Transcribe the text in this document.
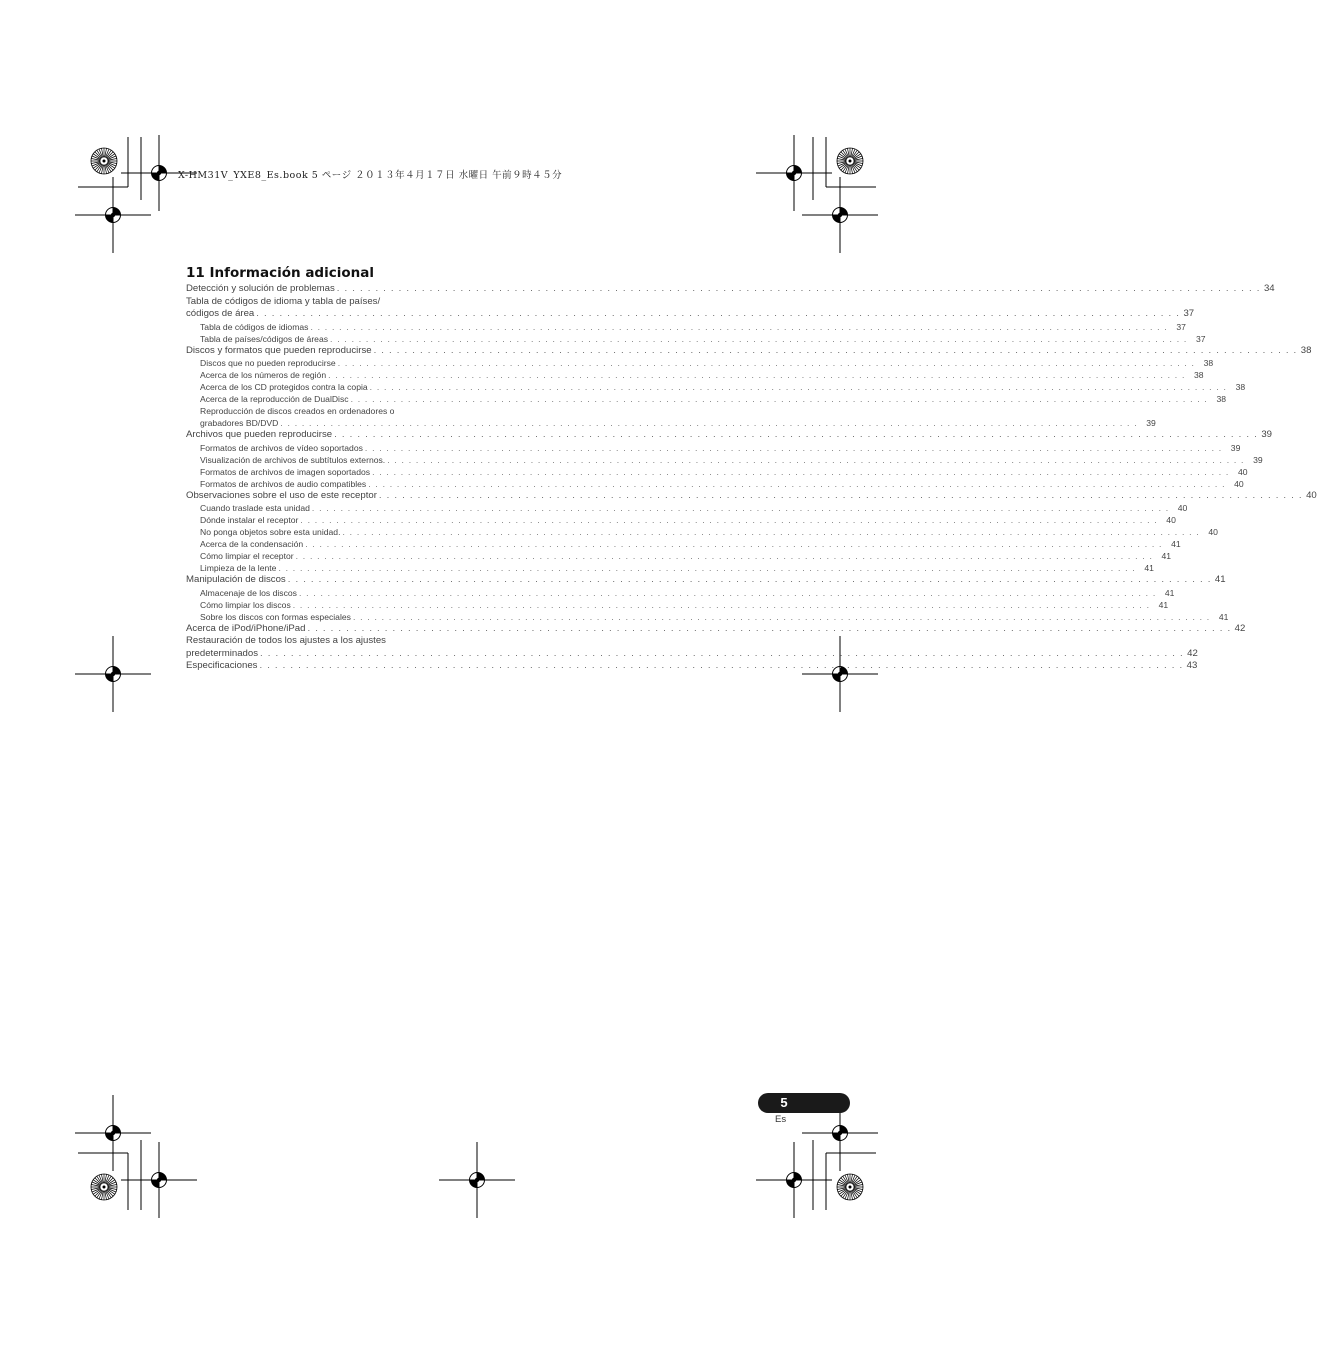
X-HM31V_YXE8_Es.book 5 ページ ２０１３年４月１７日 水曜日 午前９時４５分
11 Información adicional
Detección y solución de problemas . . . . . . . . . . . . . . . . . . . . . . . . . . . . . . . . . . . . . . . . . . . . . . . . . . . . . . . . . . . . . . . . . . . . . . . . . . . . . . . . . . . . . . . . . . . . . . . . . . . . . . . . . . . . . . . . . . . . . . . . 34
Tabla de códigos de idioma y tabla de países/
códigos de área . . . . . . . . . . . . . . . . . . . . . . . . . . . . . . . . . . . . . . . . . . . . . . . . . . . . . . . . . . . . . . . . . . . . . . . . . . . . . . . . . . . . . . . . . . . . . . . . . . . . . . . . . . . . . . . . . . . . . . . . 37
Tabla de códigos de idiomas . . . . . . . . . . . . . . . . . . . . . . . . . . . . . . . . . . . . . . . . . . . . . . . . . . . . . . . . . . . . . . . . . . . . . . . . . . . . . . . . . . . . . . . . . . . . . . . . . . . . . . . . . . . . . . . . . . . . . . . . 37
Tabla de países/códigos de áreas . . . . . . . . . . . . . . . . . . . . . . . . . . . . . . . . . . . . . . . . . . . . . . . . . . . . . . . . . . . . . . . . . . . . . . . . . . . . . . . . . . . . . . . . . . . . . . . . . . . . . . . . . . . . . . . . . . . . . . . . 37
Discos y formatos que pueden reproducirse . . . . . . . . . . . . . . . . . . . . . . . . . . . . . . . . . . . . . . . . . . . . . . . . . . . . . . . . . . . . . . . . . . . . . . . . . . . . . . . . . . . . . . . . . . . . . . . . . . . . . . . . . . . . . . . . . . . . . . . . 38
Discos que no pueden reproducirse . . . . . . . . . . . . . . . . . . . . . . . . . . . . . . . . . . . . . . . . . . . . . . . . . . . . . . . . . . . . . . . . . . . . . . . . . . . . . . . . . . . . . . . . . . . . . . . . . . . . . . . . . . . . . . . . . . . . . . . . 38
Acerca de los números de región . . . . . . . . . . . . . . . . . . . . . . . . . . . . . . . . . . . . . . . . . . . . . . . . . . . . . . . . . . . . . . . . . . . . . . . . . . . . . . . . . . . . . . . . . . . . . . . . . . . . . . . . . . . . . . . . . . . . . . . . 38
Acerca de los CD protegidos contra la copia . . . . . . . . . . . . . . . . . . . . . . . . . . . . . . . . . . . . . . . . . . . . . . . . . . . . . . . . . . . . . . . . . . . . . . . . . . . . . . . . . . . . . . . . . . . . . . . . . . . . . . . . . . . . . . . . . . . . . . . . 38
Acerca de la reproducción de DualDisc . . . . . . . . . . . . . . . . . . . . . . . . . . . . . . . . . . . . . . . . . . . . . . . . . . . . . . . . . . . . . . . . . . . . . . . . . . . . . . . . . . . . . . . . . . . . . . . . . . . . . . . . . . . . . . . . . . . . . . . . 38
Reproducción de discos creados en ordenadores o
grabadores BD/DVD . . . . . . . . . . . . . . . . . . . . . . . . . . . . . . . . . . . . . . . . . . . . . . . . . . . . . . . . . . . . . . . . . . . . . . . . . . . . . . . . . . . . . . . . . . . . . . . . . . . . . . . . . . . . . . . . . . . . . . . . 39
Archivos que pueden reproducirse . . . . . . . . . . . . . . . . . . . . . . . . . . . . . . . . . . . . . . . . . . . . . . . . . . . . . . . . . . . . . . . . . . . . . . . . . . . . . . . . . . . . . . . . . . . . . . . . . . . . . . . . . . . . . . . . . . . . . . . . 39
Formatos de archivos de vídeo soportados . . . . . . . . . . . . . . . . . . . . . . . . . . . . . . . . . . . . . . . . . . . . . . . . . . . . . . . . . . . . . . . . . . . . . . . . . . . . . . . . . . . . . . . . . . . . . . . . . . . . . . . . . . . . . . . . . . . . . . . . 39
Visualización de archivos de subtítulos externos. . . . . . . . . . . . . . . . . . . . . . . . . . . . . . . . . . . . . . . . . . . . . . . . . . . . . . . . . . . . . . . . . . . . . . . . . . . . . . . . . . . . . . . . . . . . . . . . . . . . . . . . . . . . . . . . . . . . . . . . . 39
Formatos de archivos de imagen soportados . . . . . . . . . . . . . . . . . . . . . . . . . . . . . . . . . . . . . . . . . . . . . . . . . . . . . . . . . . . . . . . . . . . . . . . . . . . . . . . . . . . . . . . . . . . . . . . . . . . . . . . . . . . . . . . . . . . . . . . . 40
Formatos de archivos de audio compatibles . . . . . . . . . . . . . . . . . . . . . . . . . . . . . . . . . . . . . . . . . . . . . . . . . . . . . . . . . . . . . . . . . . . . . . . . . . . . . . . . . . . . . . . . . . . . . . . . . . . . . . . . . . . . . . . . . . . . . . . . 40
Observaciones sobre el uso de este receptor . . . . . . . . . . . . . . . . . . . . . . . . . . . . . . . . . . . . . . . . . . . . . . . . . . . . . . . . . . . . . . . . . . . . . . . . . . . . . . . . . . . . . . . . . . . . . . . . . . . . . . . . . . . . . . . . . . . . . . . . 40
Cuando traslade esta unidad . . . . . . . . . . . . . . . . . . . . . . . . . . . . . . . . . . . . . . . . . . . . . . . . . . . . . . . . . . . . . . . . . . . . . . . . . . . . . . . . . . . . . . . . . . . . . . . . . . . . . . . . . . . . . . . . . . . . . . . . 40
Dónde instalar el receptor . . . . . . . . . . . . . . . . . . . . . . . . . . . . . . . . . . . . . . . . . . . . . . . . . . . . . . . . . . . . . . . . . . . . . . . . . . . . . . . . . . . . . . . . . . . . . . . . . . . . . . . . . . . . . . . . . . . . . . . . 40
No ponga objetos sobre esta unidad. . . . . . . . . . . . . . . . . . . . . . . . . . . . . . . . . . . . . . . . . . . . . . . . . . . . . . . . . . . . . . . . . . . . . . . . . . . . . . . . . . . . . . . . . . . . . . . . . . . . . . . . . . . . . . . . . . . . . . . . . 40
Acerca de la condensación . . . . . . . . . . . . . . . . . . . . . . . . . . . . . . . . . . . . . . . . . . . . . . . . . . . . . . . . . . . . . . . . . . . . . . . . . . . . . . . . . . . . . . . . . . . . . . . . . . . . . . . . . . . . . . . . . . . . . . . . 41
Cómo limpiar el receptor . . . . . . . . . . . . . . . . . . . . . . . . . . . . . . . . . . . . . . . . . . . . . . . . . . . . . . . . . . . . . . . . . . . . . . . . . . . . . . . . . . . . . . . . . . . . . . . . . . . . . . . . . . . . . . . . . . . . . . . . 41
Limpieza de la lente . . . . . . . . . . . . . . . . . . . . . . . . . . . . . . . . . . . . . . . . . . . . . . . . . . . . . . . . . . . . . . . . . . . . . . . . . . . . . . . . . . . . . . . . . . . . . . . . . . . . . . . . . . . . . . . . . . . . . . . . 41
Manipulación de discos . . . . . . . . . . . . . . . . . . . . . . . . . . . . . . . . . . . . . . . . . . . . . . . . . . . . . . . . . . . . . . . . . . . . . . . . . . . . . . . . . . . . . . . . . . . . . . . . . . . . . . . . . . . . . . . . . . . . . . . . 41
Almacenaje de los discos . . . . . . . . . . . . . . . . . . . . . . . . . . . . . . . . . . . . . . . . . . . . . . . . . . . . . . . . . . . . . . . . . . . . . . . . . . . . . . . . . . . . . . . . . . . . . . . . . . . . . . . . . . . . . . . . . . . . . . . . 41
Cómo limpiar los discos . . . . . . . . . . . . . . . . . . . . . . . . . . . . . . . . . . . . . . . . . . . . . . . . . . . . . . . . . . . . . . . . . . . . . . . . . . . . . . . . . . . . . . . . . . . . . . . . . . . . . . . . . . . . . . . . . . . . . . . . 41
Sobre los discos con formas especiales . . . . . . . . . . . . . . . . . . . . . . . . . . . . . . . . . . . . . . . . . . . . . . . . . . . . . . . . . . . . . . . . . . . . . . . . . . . . . . . . . . . . . . . . . . . . . . . . . . . . . . . . . . . . . . . . . . . . . . . . 41
Acerca de iPod/iPhone/iPad . . . . . . . . . . . . . . . . . . . . . . . . . . . . . . . . . . . . . . . . . . . . . . . . . . . . . . . . . . . . . . . . . . . . . . . . . . . . . . . . . . . . . . . . . . . . . . . . . . . . . . . . . . . . . . . . . . . . . . . . 42
Restauración de todos los ajustes a los ajustes
predeterminados . . . . . . . . . . . . . . . . . . . . . . . . . . . . . . . . . . . . . . . . . . . . . . . . . . . . . . . . . . . . . . . . . . . . . . . . . . . . . . . . . . . . . . . . . . . . . . . . . . . . . . . . . . . . . . . . . . . . . . . . 42
Especificaciones . . . . . . . . . . . . . . . . . . . . . . . . . . . . . . . . . . . . . . . . . . . . . . . . . . . . . . . . . . . . . . . . . . . . . . . . . . . . . . . . . . . . . . . . . . . . . . . . . . . . . . . . . . . . . . . . . . . . . . . . 43
5
Es
